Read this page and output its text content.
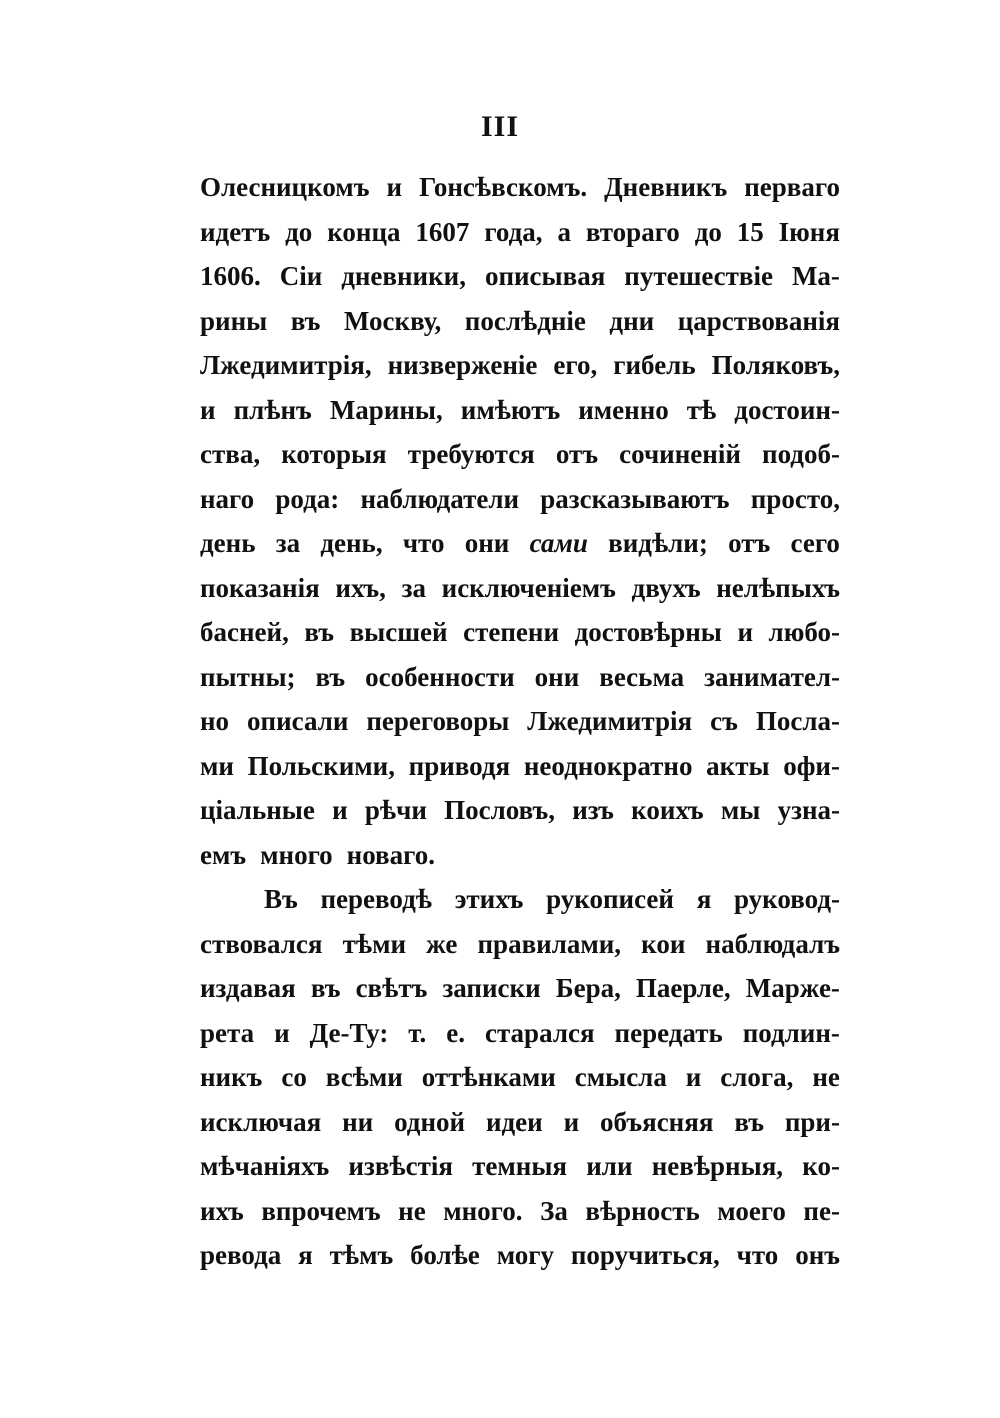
III
Олесницкомъ и Гонсѣвскомъ. Дневникъ перваго
идетъ до конца 1607 года, а втораго до 15 Іюня
1606. Сіи дневники, описывая путешествіе Ма-
рины въ Москву, послѣдніе дни царствованія
Лжедимитрія, низверженіе его, гибель Поляковъ,
и плѣнъ Марины, имѣютъ именно тѣ достоин-
ства, которыя требуются отъ сочиненій подоб-
наго рода: наблюдатели разсказываютъ просто,
день за день, что они сами видѣли; отъ сего
показанія ихъ, за исключеніемъ двухъ нелѣпыхъ
басней, въ высшей степени достовѣрны и любо-
пытны; въ особенности они весьма занимател-
но описали переговоры Лжедимитрія съ Посла-
ми Польскими, приводя неоднократно акты офи-
ціальные и рѣчи Пословъ, изъ коихъ мы узна-
емъ много новаго.
Въ переводѣ этихъ рукописей я руковод-
ствовался тѣми же правилами, кои наблюдалъ
издавая въ свѣтъ записки Бера, Паерле, Марже-
рета и Де-Ту: т. е. старался передать подлин-
никъ со всѣми оттѣнками смысла и слога, не
исключая ни одной идеи и объясняя въ при-
мѣчаніяхъ извѣстія темныя или невѣрныя, ко-
ихъ впрочемъ не много. За вѣрность моего пе-
ревода я тѣмъ болѣе могу поручиться, что онъ
